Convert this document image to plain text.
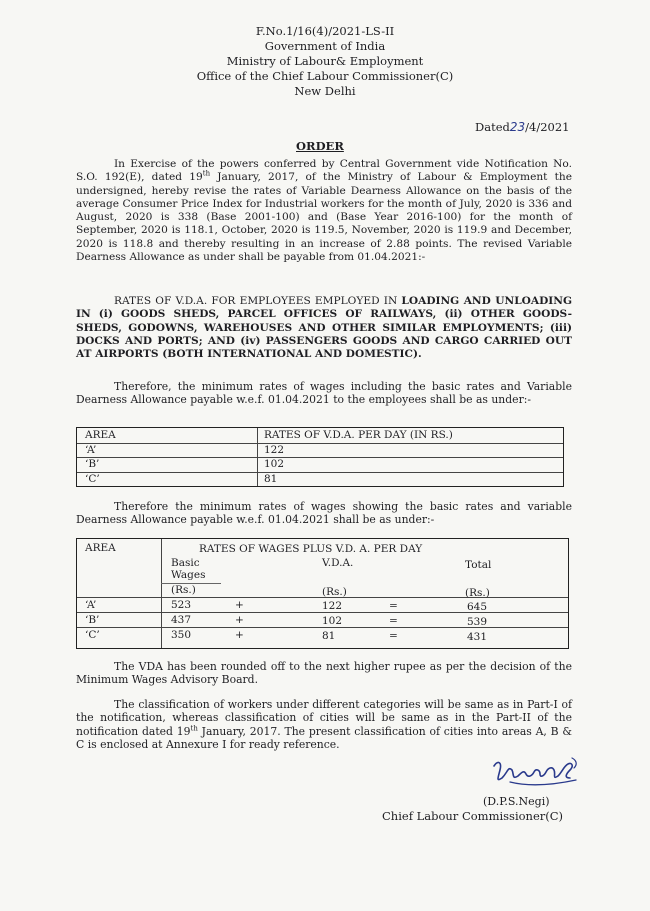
F.No.1/16(4)/2021-LS-II
Government of India
Ministry of Labour& Employment
Office of the Chief Labour Commissioner(C)
New Delhi
Dated23/4/2021
ORDER
In Exercise of the powers conferred by Central Government vide Notification No. S.O. 192(E), dated 19th January, 2017, of the Ministry of Labour & Employment the undersigned, hereby revise the rates of Variable Dearness Allowance on the basis of the average Consumer Price Index for Industrial workers for the month of July, 2020 is 336 and August, 2020 is 338 (Base 2001-100) and (Base Year 2016-100) for the month of September, 2020 is 118.1, October, 2020 is 119.5, November, 2020 is 119.9 and December, 2020 is 118.8 and thereby resulting in an increase of 2.88 points. The revised Variable Dearness Allowance as under shall be payable from 01.04.2021:-
RATES OF V.D.A. FOR EMPLOYEES EMPLOYED IN LOADING AND UNLOADING IN (i) GOODS SHEDS, PARCEL OFFICES OF RAILWAYS, (ii) OTHER GOODS-SHEDS, GODOWNS, WAREHOUSES AND OTHER SIMILAR EMPLOYMENTS; (iii) DOCKS AND PORTS; AND (iv) PASSENGERS GOODS AND CARGO CARRIED OUT AT AIRPORTS (BOTH INTERNATIONAL AND DOMESTIC).
Therefore, the minimum rates of wages including the basic rates and Variable Dearness Allowance payable w.e.f. 01.04.2021 to the employees shall be as under:-
AREA	RATES OF V.D.A. PER DAY (IN RS.)
‘A’	122
‘B’	102
‘C’	81
Therefore the minimum rates of wages showing the basic rates and variable Dearness Allowance payable w.e.f. 01.04.2021 shall be as under:-
AREA	RATES OF WAGES PLUS V.D. A. PER DAY
Basic Wages
V.D.A.	Total
(Rs.)	(Rs.)	(Rs.)
‘A’	523	+	122	=	645
‘B’	437	+	102	=	539
‘C’	350	+	81	=	431
The VDA has been rounded off to the next higher rupee as per the decision of the Minimum Wages Advisory Board.
The classification of workers under different categories will be same as in Part-I of the notification, whereas classification of cities will be same as in the Part-II of the notification dated 19th January, 2017. The present classification of cities into areas A, B & C is enclosed at Annexure I for ready reference.
(D.P.S.Negi)
Chief Labour Commissioner(C)
